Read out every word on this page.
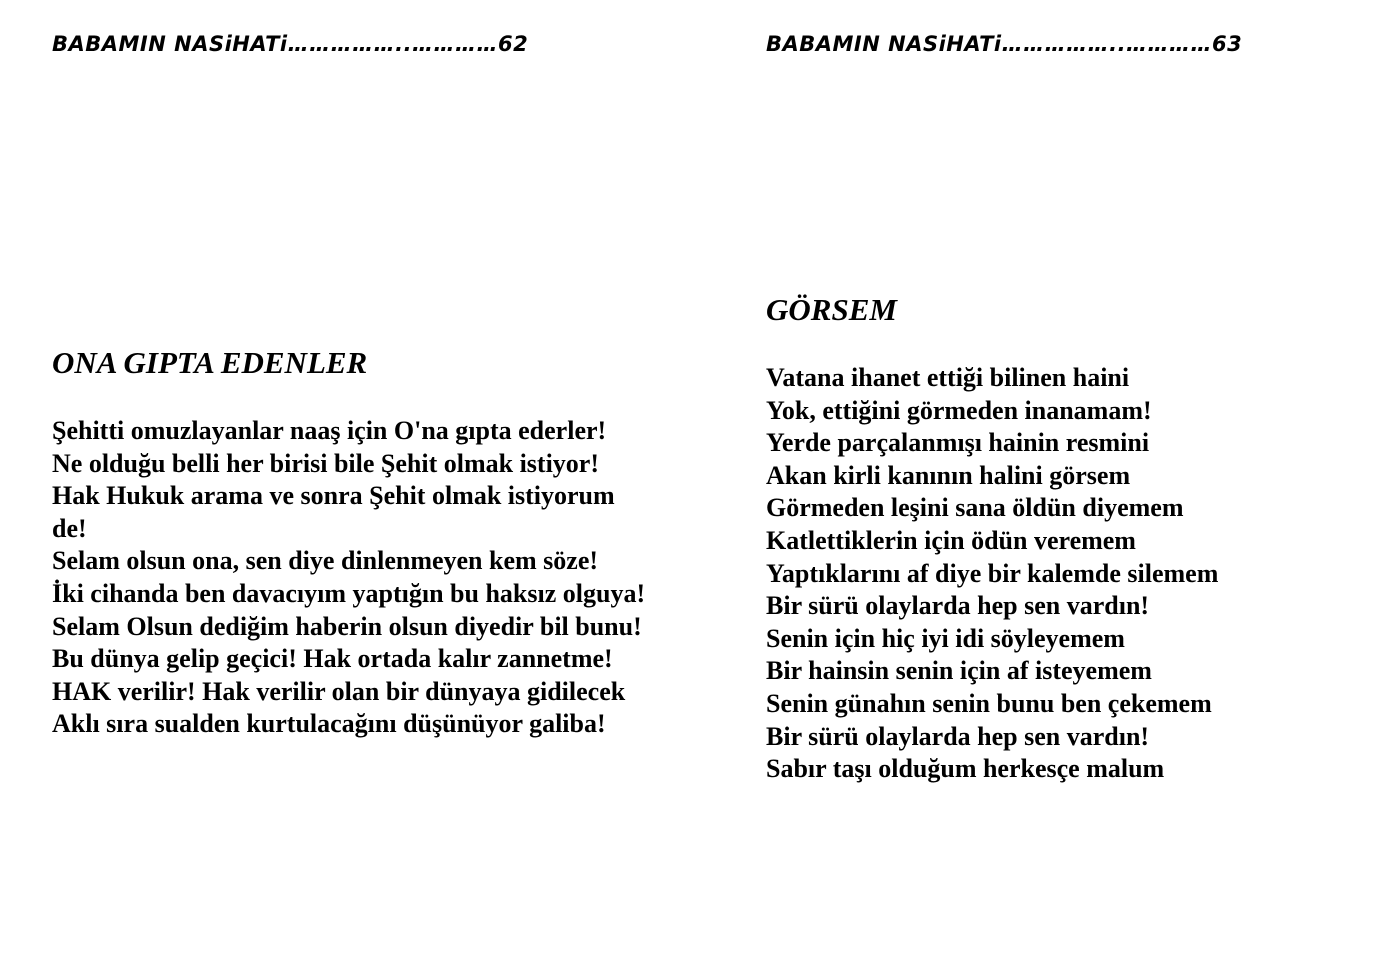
BABAMIN NASiHATi……………..…………62
ONA GIPTA EDENLER
Şehitti omuzlayanlar naaş için O'na gıpta ederler!
Ne olduğu belli her birisi bile Şehit olmak istiyor!
Hak Hukuk arama ve sonra Şehit olmak istiyorum
de!
Selam olsun ona, sen diye dinlenmeyen kem söze!
İki cihanda ben davacıyım yaptığın bu haksız olguya!
Selam Olsun dediğim haberin olsun diyedir bil bunu!
Bu dünya gelip geçici! Hak ortada kalır zannetme!
HAK verilir! Hak verilir olan bir dünyaya gidilecek
Aklı sıra sualden kurtulacağını düşünüyor galiba!
BABAMIN NASiHATi……………..…………63
GÖRSEM
Vatana ihanet ettiği bilinen haini
Yok, ettiğini görmeden inanamam!
Yerde parçalanmışı hainin resmini
Akan kirli kanının halini görsem
Görmeden leşini sana öldün diyemem
Katlettiklerin için ödün veremem
Yaptıklarını af diye bir kalemde silemem
Bir sürü olaylarda hep sen vardın!
Senin için hiç iyi idi söyleyemem
Bir hainsin senin için af isteyemem
Senin günahın senin bunu ben çekemem
Bir sürü olaylarda hep sen vardın!
Sabır taşı olduğum herkesçe malum
